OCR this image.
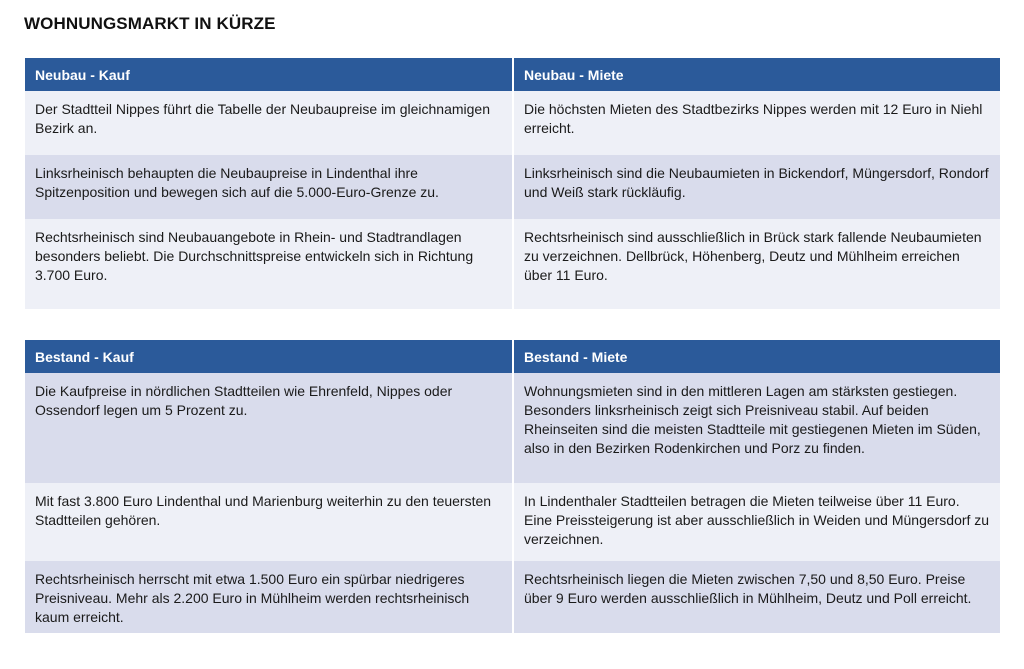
WOHNUNGSMARKT IN KÜRZE
Neubau - Kauf	Neubau - Miete
Der Stadtteil Nippes führt die Tabelle der Neubaupreise im gleichnamigen Bezirk an.	Die höchsten Mieten des Stadtbezirks Nippes werden mit 12 Euro in Niehl erreicht.
Linksrheinisch behaupten die Neubaupreise in Lindenthal ihre Spitzenposition und bewegen sich auf die 5.000-Euro-Grenze zu.	Linksrheinisch sind die Neubaumieten in Bickendorf, Müngersdorf, Rondorf und Weiß stark rückläufig.
Rechtsrheinisch sind Neubauangebote in Rhein- und Stadtrandlagen besonders beliebt. Die Durchschnittspreise entwickeln sich in Richtung 3.700 Euro.	Rechtsrheinisch sind ausschließlich in Brück stark fallende Neubaumieten zu verzeichnen. Dellbrück, Höhenberg, Deutz und Mühlheim erreichen über 11 Euro.
Bestand - Kauf	Bestand - Miete
Die Kaufpreise in nördlichen Stadtteilen wie Ehrenfeld, Nippes oder Ossendorf legen um 5 Prozent zu.	Wohnungsmieten sind in den mittleren Lagen am stärksten gestiegen. Besonders linksrheinisch zeigt sich Preisniveau stabil. Auf beiden Rheinseiten sind die meisten Stadtteile mit gestiegenen Mieten im Süden, also in den Bezirken Rodenkirchen und Porz zu finden.
Mit fast 3.800 Euro Lindenthal und Marienburg weiterhin zu den teuersten Stadtteilen gehören.	In Lindenthaler Stadtteilen betragen die Mieten teilweise über 11 Euro. Eine Preissteigerung ist aber ausschließlich in Weiden und Müngersdorf zu verzeichnen.
Rechtsrheinisch herrscht mit etwa 1.500 Euro ein spürbar niedrigeres Preisniveau. Mehr als 2.200 Euro in Mühlheim werden rechtsrheinisch kaum erreicht.	Rechtsrheinisch liegen die Mieten zwischen 7,50 und 8,50 Euro. Preise über 9 Euro werden ausschließlich in Mühlheim, Deutz und Poll erreicht.
